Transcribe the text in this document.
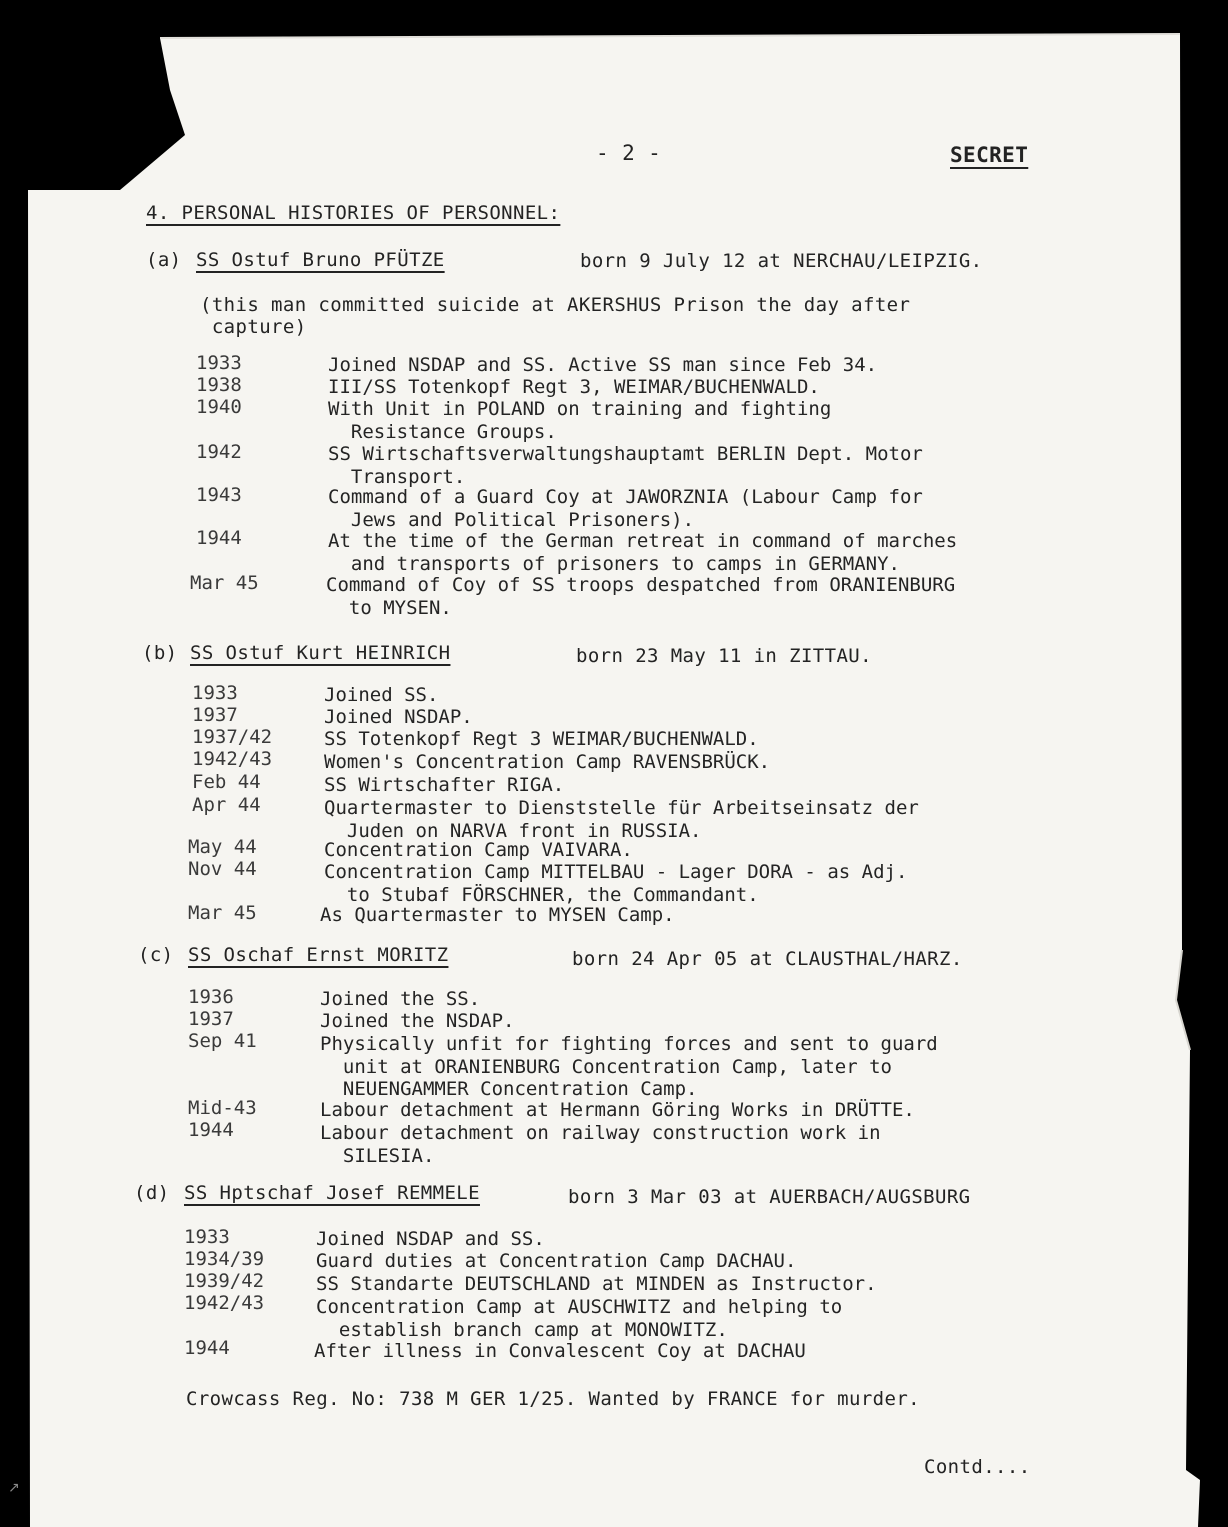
↗
- 2 -	SECRET
4. PERSONAL HISTORIES OF PERSONNEL:
(a) SS Ostuf Bruno PFÜTZE	born 9 July 12 at NERCHAU/LEIPZIG.
(this man committed suicide at AKERSHUS Prison the day after
capture)
1933	Joined NSDAP and SS. Active SS man since Feb 34.
1938	III/SS Totenkopf Regt 3, WEIMAR/BUCHENWALD.
1940	With Unit in POLAND on training and fighting
Resistance Groups.
1942	SS Wirtschaftsverwaltungshauptamt BERLIN Dept. Motor
Transport.
1943	Command of a Guard Coy at JAWORZNIA (Labour Camp for
Jews and Political Prisoners).
1944	At the time of the German retreat in command of marches
and transports of prisoners to camps in GERMANY.
Mar 45	Command of Coy of SS troops despatched from ORANIENBURG
to MYSEN.
(b) SS Ostuf Kurt HEINRICH	born 23 May 11 in ZITTAU.
1933	Joined SS.
1937	Joined NSDAP.
1937/42	SS Totenkopf Regt 3 WEIMAR/BUCHENWALD.
1942/43	Women's Concentration Camp RAVENSBRÜCK.
Feb 44	SS Wirtschafter RIGA.
Apr 44	Quartermaster to Dienststelle für Arbeitseinsatz der
Juden on NARVA front in RUSSIA.
May 44	Concentration Camp VAIVARA.
Nov 44	Concentration Camp MITTELBAU - Lager DORA - as Adj.
to Stubaf FÖRSCHNER, the Commandant.
Mar 45	As Quartermaster to MYSEN Camp.
(c) SS Oschaf Ernst MORITZ	born 24 Apr 05 at CLAUSTHAL/HARZ.
1936	Joined the SS.
1937	Joined the NSDAP.
Sep 41	Physically unfit for fighting forces and sent to guard
unit at ORANIENBURG Concentration Camp, later to
NEUENGAMMER Concentration Camp.
Mid-43	Labour detachment at Hermann Göring Works in DRÜTTE.
1944	Labour detachment on railway construction work in
SILESIA.
(d) SS Hptschaf Josef REMMELE	born 3 Mar 03 at AUERBACH/AUGSBURG
1933	Joined NSDAP and SS.
1934/39	Guard duties at Concentration Camp DACHAU.
1939/42	SS Standarte DEUTSCHLAND at MINDEN as Instructor.
1942/43	Concentration Camp at AUSCHWITZ and helping to
establish branch camp at MONOWITZ.
1944	After illness in Convalescent Coy at DACHAU
Crowcass Reg. No: 738 M GER 1/25. Wanted by FRANCE for murder.
Contd....
